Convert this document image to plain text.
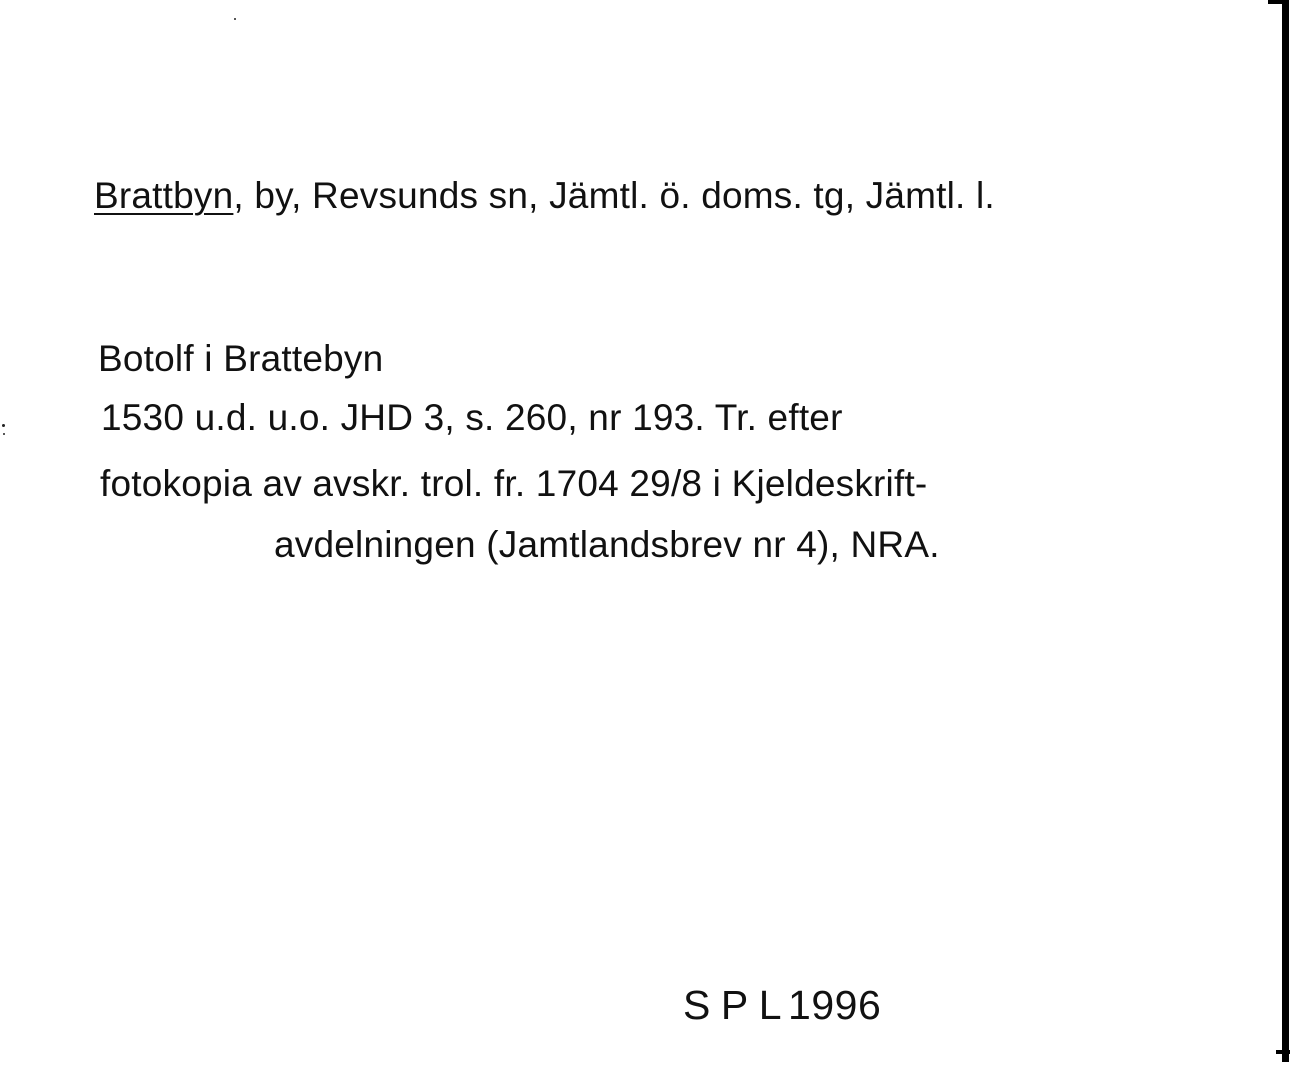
Brattbyn, by, Revsunds sn, Jämtl. ö. doms. tg, Jämtl. l.
Botolf i Brattebyn
1530 u.d. u.o. JHD 3, s. 260, nr 193. Tr. efter
fotokopia av avskr. trol. fr. 1704 29/8 i Kjeldeskrift-
avdelningen (Jamtlandsbrev nr 4), NRA.
S P L 1996
